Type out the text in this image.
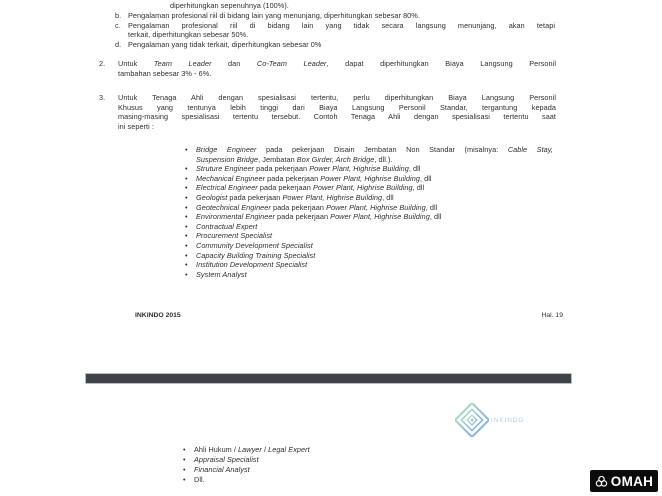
diperhitungkan sepenuhnya (100%).
b. Pengalaman profesional riil di bidang lain yang menunjang, diperhitungkan sebesar 80%.
c. Pengalaman profesional riil di bidang lain yang tidak secara langsung menunjang, akan tetapi
terkait, diperhitungkan sebesar 50%.
d. Pengalaman yang tidak terkait, diperhitungkan sebesar 0%
2.	Untuk Team Leader dan Co-Team Leader, dapat diperhitungkan Biaya Langsung Personil
tambahan sebesar 3% - 6%.
3.	Untuk Tenaga Ahli dengan spesialisasi tertentu, perlu diperhitungkan Biaya Langsung Personil
Khusus yang tentunya lebih tinggi dari Biaya Langsung Personil Standar, tergantung kepada
masing-masing spesialisasi tertentu tersebut. Contoh Tenaga Ahli dengan spesialisasi tertentu saat
ini seperti :
•	Bridge Engineer pada pekerjaan Disain Jembatan Non Standar (misalnya: Cable Stay,
Suspension Bridge, Jembatan Box Girder, Arch Bridge, dll.).
•	Struture Engineer pada pekerjaan Power Plant, Highrise Building, dll
•	Mechanical Engineer pada pekerjaan Power Plant, Highrise Building, dll
•	Electrical Engineer pada pekerjaan Power Plant, Highrise Building, dll
•	Geologist pada pekerjaan Power Plant, Highrise Building, dll
•	Geotechnical Engineer pada pekerjaan Power Plant, Highrise Building, dll
•	Environmental Engineer pada pekerjaan Power Plant, Highrise Building, dll
•	Contractual Expert
•	Procurement Specialist
•	Community Development Specialist
•	Capacity Building Training Specialist
•	Institution Development Specialist
•	System Analyst
INKINDO 2015	Hal. 19
INKINDO
•	Ahli Hukum / Lawyer / Legal Expert
•	Appraisal Specialist
•	Financial Analyst
•	Dll.	OMAH
